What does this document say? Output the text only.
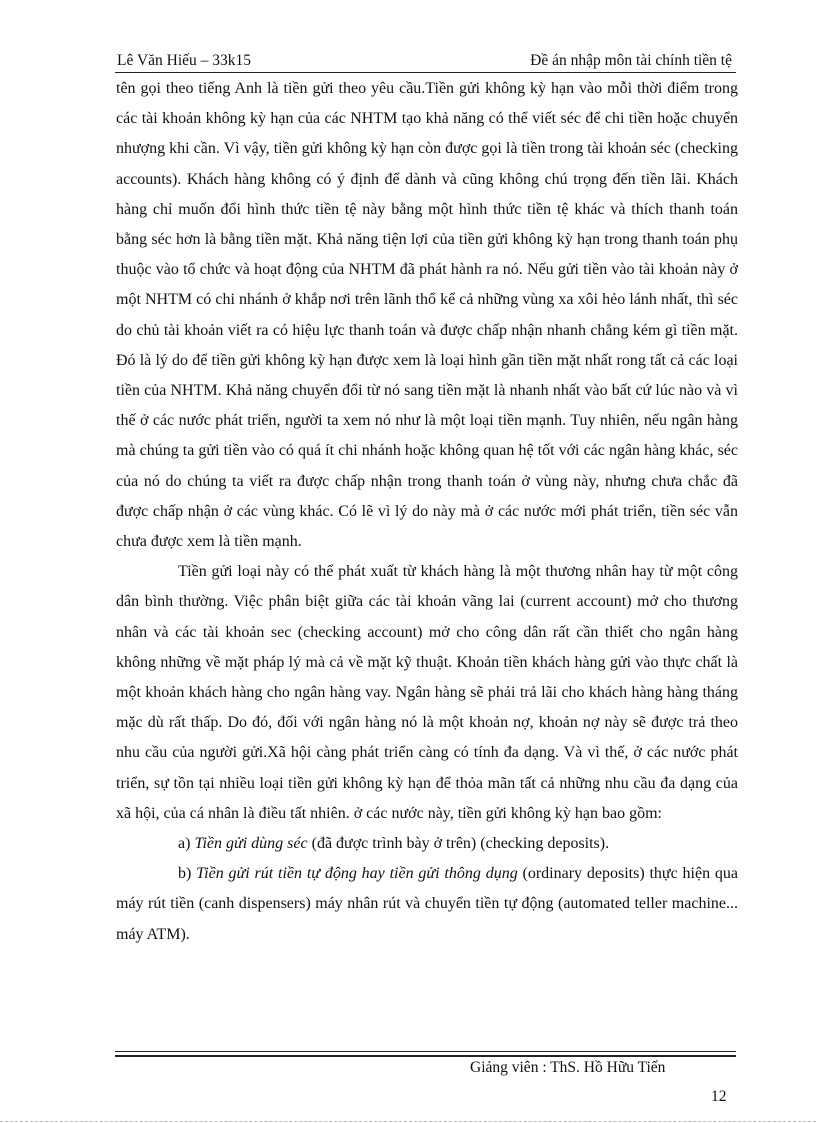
Lê Văn Hiếu – 33k15	Đề án nhập môn tài chính tiền tệ

tên gọi theo tiếng Anh là tiền gửi theo yêu cầu.Tiền gửi không kỳ hạn vào mỗi thời điểm trong các tài khoản không kỳ hạn của các NHTM tạo khả năng có thể viết séc để chi tiền hoặc chuyển nhượng khi cần. Vì vậy, tiền gửi không kỳ hạn còn được gọi là tiền trong tài khoản séc (checking accounts). Khách hàng không có ý định để dành và cũng không chú trọng đến tiền lãi. Khách hàng chỉ muốn đổi hình thức tiền tệ này bằng một hình thức tiền tệ khác và thích thanh toán bằng séc hơn là bằng tiền mặt. Khả năng tiện lợi của tiền gửi không kỳ hạn trong thanh toán phụ thuộc vào tổ chức và hoạt động của NHTM đã phát hành ra nó. Nếu gửi tiền vào tài khoản này ở một NHTM có chi nhánh ở khắp nơi trên lãnh thổ kể cả những vùng xa xôi hẻo lánh nhất, thì séc do chủ tài khoản viết ra có hiệu lực thanh toán và được chấp nhận nhanh chẳng kém gì tiền mặt. Đó là lý do để tiền gửi không kỳ hạn được xem là loại hình gần tiền mặt nhất rong tất cả các loại tiền của NHTM. Khả năng chuyển đổi từ nó sang tiền mặt là nhanh nhất vào bất cứ lúc nào và vì thế ở các nước phát triển, người ta xem nó như là một loại tiền mạnh. Tuy nhiên, nếu ngân hàng mà chúng ta gửi tiền vào có quá ít chi nhánh hoặc không quan hệ tốt với các ngân hàng khác, séc của nó do chúng ta viết ra được chấp nhận trong thanh toán ở vùng này, nhưng chưa chắc đã được chấp nhận ở các vùng khác. Có lẽ vì lý do này mà ở các nước mới phát triển, tiền séc vẫn chưa được xem là tiền mạnh.

Tiền gửi loại này có thể phát xuất từ khách hàng là một thương nhân hay từ một công dân bình thường. Việc phân biệt giữa các tài khoản vãng lai (current account) mở cho thương nhân và các tài khoản sec (checking account) mở cho công dân rất cần thiết cho ngân hàng không những về mặt pháp lý mà cả về mặt kỹ thuật. Khoản tiền khách hàng gửi vào thực chất là một khoản khách hàng cho ngân hàng vay. Ngân hàng sẽ phải trả lãi cho khách hàng hàng tháng mặc dù rất thấp. Do đó, đối với ngân hàng nó là một khoản nợ, khoản nợ này sẽ được trả theo nhu cầu của người gửi.Xã hội càng phát triển càng có tính đa dạng. Và vì thế, ở các nước phát triển, sự tồn tại nhiều loại tiền gửi không kỳ hạn để thỏa mãn tất cả những nhu cầu đa dạng của xã hội, của cá nhân là điều tất nhiên. ở các nước này, tiền gửi không kỳ hạn bao gồm:

a) Tiền gửi dùng séc (đã được trình bày ở trên) (checking deposits).

b) Tiền gửi rút tiền tự động hay tiền gửi thông dụng (ordinary deposits) thực hiện qua máy rút tiền (canh dispensers) máy nhân rút và chuyển tiền tự động (automated teller machine... máy ATM).

Giảng viên : ThS. Hồ Hữu Tiến
12
